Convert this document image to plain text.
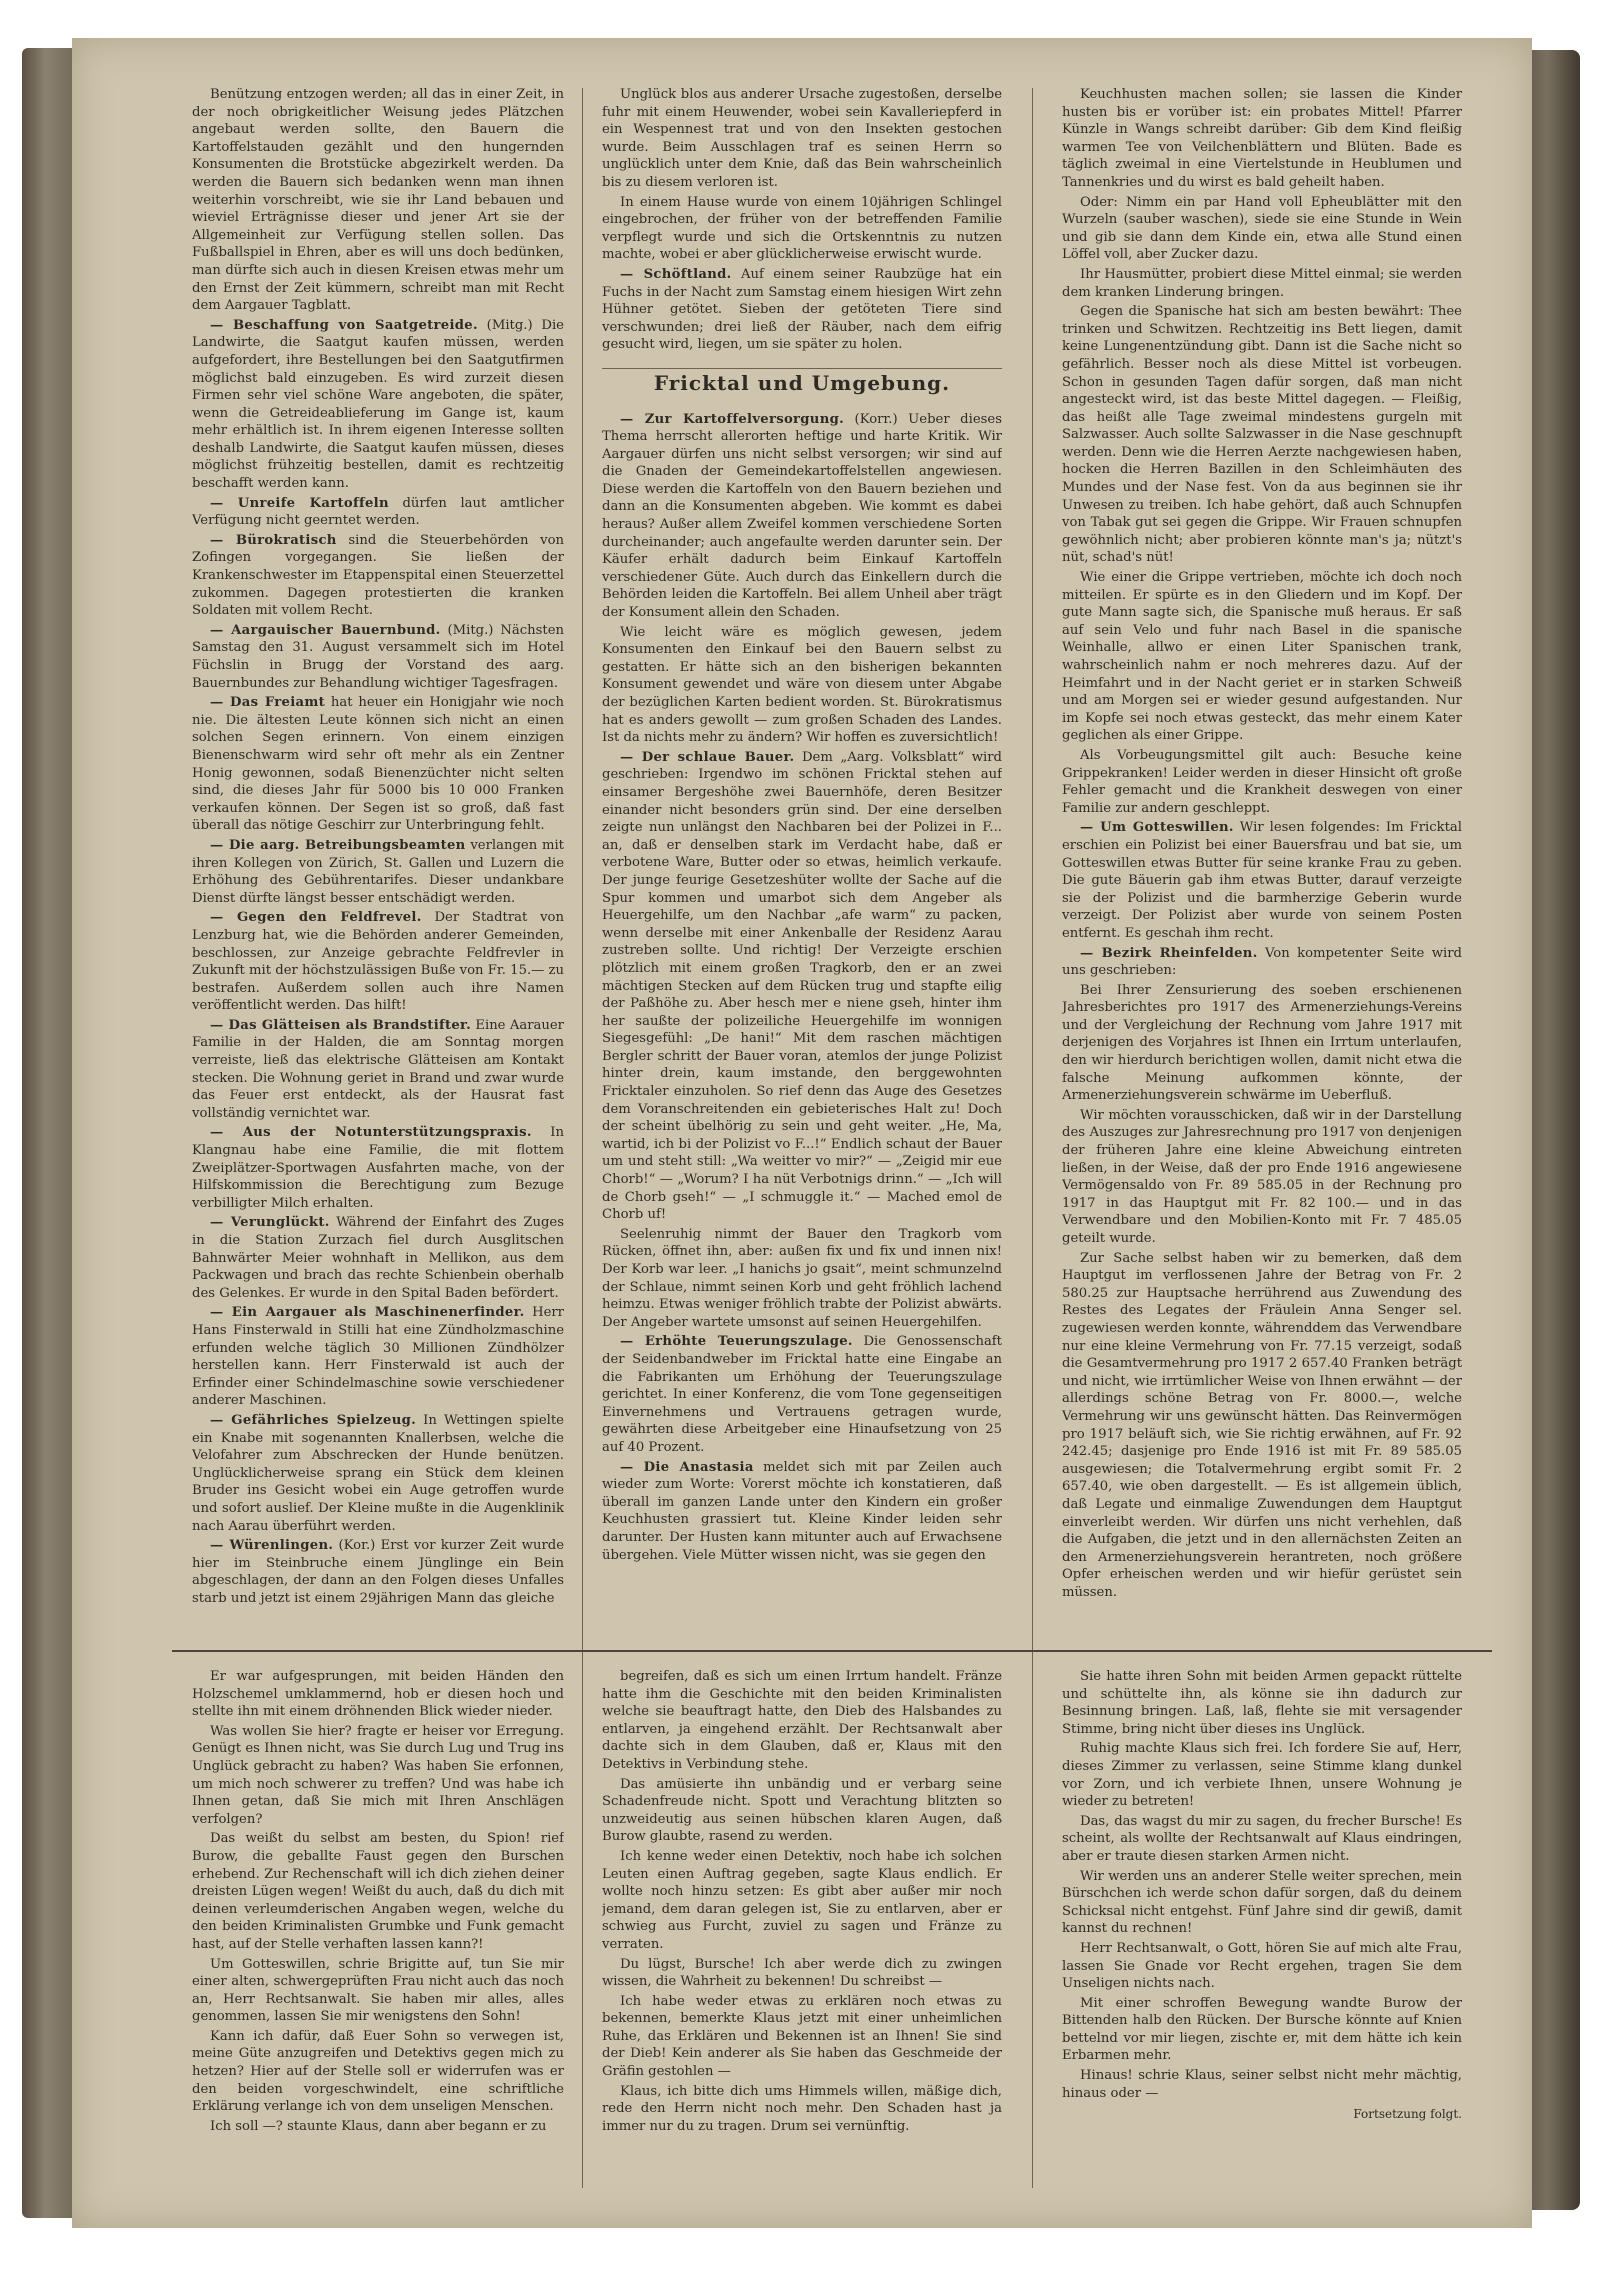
Benützung entzogen werden; all das in einer Zeit, in der noch obrigkeitlicher Weisung jedes Plätzchen angebaut werden sollte, den Bauern die Kartoffelstauden gezählt und den hungernden Konsumenten die Brotstücke abgezirkelt werden. Da werden die Bauern sich bedanken wenn man ihnen weiterhin vorschreibt, wie sie ihr Land bebauen und wieviel Erträgnisse dieser und jener Art sie der Allgemeinheit zur Verfügung stellen sollen. Das Fußballspiel in Ehren, aber es will uns doch bedünken, man dürfte sich auch in diesen Kreisen etwas mehr um den Ernst der Zeit kümmern, schreibt man mit Recht dem Aargauer Tagblatt.

— Beschaffung von Saatgetreide. (Mitg.) Die Landwirte, die Saatgut kaufen müssen, werden aufgefordert, ihre Bestellungen bei den Saatgutfirmen möglichst bald einzugeben. Es wird zurzeit diesen Firmen sehr viel schöne Ware angeboten, die später, wenn die Getreideablieferung im Gange ist, kaum mehr erhältlich ist. In ihrem eigenen Interesse sollten deshalb Landwirte, die Saatgut kaufen müssen, dieses möglichst frühzeitig bestellen, damit es rechtzeitig beschafft werden kann.

— Unreife Kartoffeln dürfen laut amtlicher Verfügung nicht geerntet werden.

— Bürokratisch sind die Steuerbehörden von Zofingen vorgegangen. Sie ließen der Krankenschwester im Etappenspital einen Steuerzettel zukommen. Dagegen protestierten die kranken Soldaten mit vollem Recht.

— Aargauischer Bauernbund. (Mitg.) Nächsten Samstag den 31. August versammelt sich im Hotel Füchslin in Brugg der Vorstand des aarg. Bauernbundes zur Behandlung wichtiger Tagesfragen.

— Das Freiamt hat heuer ein Honigjahr wie noch nie. Die ältesten Leute können sich nicht an einen solchen Segen erinnern. Von einem einzigen Bienenschwarm wird sehr oft mehr als ein Zentner Honig gewonnen, sodaß Bienenzüchter nicht selten sind, die dieses Jahr für 5000 bis 10 000 Franken verkaufen können. Der Segen ist so groß, daß fast überall das nötige Geschirr zur Unterbringung fehlt.

— Die aarg. Betreibungsbeamten verlangen mit ihren Kollegen von Zürich, St. Gallen und Luzern die Erhöhung des Gebührentarifes. Dieser undankbare Dienst dürfte längst besser entschädigt werden.

— Gegen den Feldfrevel. Der Stadtrat von Lenzburg hat, wie die Behörden anderer Gemeinden, beschlossen, zur Anzeige gebrachte Feldfrevler in Zukunft mit der höchstzulässigen Buße von Fr. 15.— zu bestrafen. Außerdem sollen auch ihre Namen veröffentlicht werden. Das hilft!

— Das Glätteisen als Brandstifter. Eine Aarauer Familie in der Halden, die am Sonntag morgen verreiste, ließ das elektrische Glätteisen am Kontakt stecken. Die Wohnung geriet in Brand und zwar wurde das Feuer erst entdeckt, als der Hausrat fast vollständig vernichtet war.

— Aus der Notunterstützungspraxis. In Klangnau habe eine Familie, die mit flottem Zweiplätzer-Sportwagen Ausfahrten mache, von der Hilfskommission die Berechtigung zum Bezuge verbilligter Milch erhalten.

— Verunglückt. Während der Einfahrt des Zuges in die Station Zurzach fiel durch Ausglitschen Bahnwärter Meier wohnhaft in Mellikon, aus dem Packwagen und brach das rechte Schienbein oberhalb des Gelenkes. Er wurde in den Spital Baden befördert.

— Ein Aargauer als Maschinenerfinder. Herr Hans Finsterwald in Stilli hat eine Zündholzmaschine erfunden welche täglich 30 Millionen Zündhölzer herstellen kann. Herr Finsterwald ist auch der Erfinder einer Schindelmaschine sowie verschiedener anderer Maschinen.

— Gefährliches Spielzeug. In Wettingen spielte ein Knabe mit sogenannten Knallerbsen, welche die Velofahrer zum Abschrecken der Hunde benützen. Unglücklicherweise sprang ein Stück dem kleinen Bruder ins Gesicht wobei ein Auge getroffen wurde und sofort auslief. Der Kleine mußte in die Augenklinik nach Aarau überführt werden.

— Würenlingen. (Kor.) Erst vor kurzer Zeit wurde hier im Steinbruche einem Jünglinge ein Bein abgeschlagen, der dann an den Folgen dieses Unfalles starb und jetzt ist einem 29jährigen Mann das gleiche

Unglück blos aus anderer Ursache zugestoßen, derselbe fuhr mit einem Heuwender, wobei sein Kavalleriepferd in ein Wespennest trat und von den Insekten gestochen wurde. Beim Ausschlagen traf es seinen Herrn so unglücklich unter dem Knie, daß das Bein wahrscheinlich bis zu diesem verloren ist.

In einem Hause wurde von einem 10jährigen Schlingel eingebrochen, der früher von der betreffenden Familie verpflegt wurde und sich die Ortskenntnis zu nutzen machte, wobei er aber glücklicherweise erwischt wurde.

— Schöftland. Auf einem seiner Raubzüge hat ein Fuchs in der Nacht zum Samstag einem hiesigen Wirt zehn Hühner getötet. Sieben der getöteten Tiere sind verschwunden; drei ließ der Räuber, nach dem eifrig gesucht wird, liegen, um sie später zu holen.

Fricktal und Umgebung.

— Zur Kartoffelversorgung. (Korr.) Ueber dieses Thema herrscht allerorten heftige und harte Kritik. Wir Aargauer dürfen uns nicht selbst versorgen; wir sind auf die Gnaden der Gemeindekartoffelstellen angewiesen. Diese werden die Kartoffeln von den Bauern beziehen und dann an die Konsumenten abgeben. Wie kommt es dabei heraus? Außer allem Zweifel kommen verschiedene Sorten durcheinander; auch angefaulte werden darunter sein. Der Käufer erhält dadurch beim Einkauf Kartoffeln verschiedener Güte. Auch durch das Einkellern durch die Behörden leiden die Kartoffeln. Bei allem Unheil aber trägt der Konsument allein den Schaden.

Wie leicht wäre es möglich gewesen, jedem Konsumenten den Einkauf bei den Bauern selbst zu gestatten. Er hätte sich an den bisherigen bekannten Konsument gewendet und wäre von diesem unter Abgabe der bezüglichen Karten bedient worden. St. Bürokratismus hat es anders gewollt — zum großen Schaden des Landes. Ist da nichts mehr zu ändern? Wir hoffen es zuversichtlich!

— Der schlaue Bauer. Dem „Aarg. Volksblatt“ wird geschrieben: Irgendwo im schönen Fricktal stehen auf einsamer Bergeshöhe zwei Bauernhöfe, deren Besitzer einander nicht besonders grün sind. Der eine derselben zeigte nun unlängst den Nachbaren bei der Polizei in F... an, daß er denselben stark im Verdacht habe, daß er verbotene Ware, Butter oder so etwas, heimlich verkaufe. Der junge feurige Gesetzeshüter wollte der Sache auf die Spur kommen und umarbot sich dem Angeber als Heuergehilfe, um den Nachbar „afe warm“ zu packen, wenn derselbe mit einer Ankenballe der Residenz Aarau zustreben sollte. Und richtig! Der Verzeigte erschien plötzlich mit einem großen Tragkorb, den er an zwei mächtigen Stecken auf dem Rücken trug und stapfte eilig der Paßhöhe zu. Aber hesch mer e niene gseh, hinter ihm her saußte der polizeiliche Heuergehilfe im wonnigen Siegesgefühl: „De hani!“ Mit dem raschen mächtigen Bergler schritt der Bauer voran, atemlos der junge Polizist hinter drein, kaum imstande, den berggewohnten Fricktaler einzuholen. So rief denn das Auge des Gesetzes dem Voranschreitenden ein gebieterisches Halt zu! Doch der scheint übelhörig zu sein und geht weiter. „He, Ma, wartid, ich bi der Polizist vo F...!“ Endlich schaut der Bauer um und steht still: „Wa weitter vo mir?“ — „Zeigid mir eue Chorb!“ — „Worum? I ha nüt Verbotnigs drinn.“ — „Ich will de Chorb gseh!“ — „I schmuggle it.“ — Mached emol de Chorb uf!

Seelenruhig nimmt der Bauer den Tragkorb vom Rücken, öffnet ihn, aber: außen fix und fix und innen nix! Der Korb war leer. „I hanichs jo gsait“, meint schmunzelnd der Schlaue, nimmt seinen Korb und geht fröhlich lachend heimzu. Etwas weniger fröhlich trabte der Polizist abwärts. Der Angeber wartete umsonst auf seinen Heuergehilfen.

— Erhöhte Teuerungszulage. Die Genossenschaft der Seidenbandweber im Fricktal hatte eine Eingabe an die Fabrikanten um Erhöhung der Teuerungszulage gerichtet. In einer Konferenz, die vom Tone gegenseitigen Einvernehmens und Vertrauens getragen wurde, gewährten diese Arbeitgeber eine Hinaufsetzung von 25 auf 40 Prozent.

— Die Anastasia meldet sich mit par Zeilen auch wieder zum Worte: Vorerst möchte ich konstatieren, daß überall im ganzen Lande unter den Kindern ein großer Keuchhusten grassiert tut. Kleine Kinder leiden sehr darunter. Der Husten kann mitunter auch auf Erwachsene übergehen. Viele Mütter wissen nicht, was sie gegen den

Keuchhusten machen sollen; sie lassen die Kinder husten bis er vorüber ist: ein probates Mittel! Pfarrer Künzle in Wangs schreibt darüber: Gib dem Kind fleißig warmen Tee von Veilchenblättern und Blüten. Bade es täglich zweimal in eine Viertelstunde in Heublumen und Tannenkries und du wirst es bald geheilt haben.

Oder: Nimm ein par Hand voll Epheublätter mit den Wurzeln (sauber waschen), siede sie eine Stunde in Wein und gib sie dann dem Kinde ein, etwa alle Stund einen Löffel voll, aber Zucker dazu.

Ihr Hausmütter, probiert diese Mittel einmal; sie werden dem kranken Linderung bringen.

Gegen die Spanische hat sich am besten bewährt: Thee trinken und Schwitzen. Rechtzeitig ins Bett liegen, damit keine Lungenentzündung gibt. Dann ist die Sache nicht so gefährlich. Besser noch als diese Mittel ist vorbeugen. Schon in gesunden Tagen dafür sorgen, daß man nicht angesteckt wird, ist das beste Mittel dagegen. — Fleißig, das heißt alle Tage zweimal mindestens gurgeln mit Salzwasser. Auch sollte Salzwasser in die Nase geschnupft werden. Denn wie die Herren Aerzte nachgewiesen haben, hocken die Herren Bazillen in den Schleimhäuten des Mundes und der Nase fest. Von da aus beginnen sie ihr Unwesen zu treiben. Ich habe gehört, daß auch Schnupfen von Tabak gut sei gegen die Grippe. Wir Frauen schnupfen gewöhnlich nicht; aber probieren könnte man's ja; nützt's nüt, schad's nüt!

Wie einer die Grippe vertrieben, möchte ich doch noch mitteilen. Er spürte es in den Gliedern und im Kopf. Der gute Mann sagte sich, die Spanische muß heraus. Er saß auf sein Velo und fuhr nach Basel in die spanische Weinhalle, allwo er einen Liter Spanischen trank, wahrscheinlich nahm er noch mehreres dazu. Auf der Heimfahrt und in der Nacht geriet er in starken Schweiß und am Morgen sei er wieder gesund aufgestanden. Nur im Kopfe sei noch etwas gesteckt, das mehr einem Kater geglichen als einer Grippe.

Als Vorbeugungsmittel gilt auch: Besuche keine Grippekranken! Leider werden in dieser Hinsicht oft große Fehler gemacht und die Krankheit deswegen von einer Familie zur andern geschleppt.

— Um Gotteswillen. Wir lesen folgendes: Im Fricktal erschien ein Polizist bei einer Bauersfrau und bat sie, um Gotteswillen etwas Butter für seine kranke Frau zu geben. Die gute Bäuerin gab ihm etwas Butter, darauf verzeigte sie der Polizist und die barmherzige Geberin wurde verzeigt. Der Polizist aber wurde von seinem Posten entfernt. Es geschah ihm recht.

— Bezirk Rheinfelden. Von kompetenter Seite wird uns geschrieben:

Bei Ihrer Zensurierung des soeben erschienenen Jahresberichtes pro 1917 des Armenerziehungs-Vereins und der Vergleichung der Rechnung vom Jahre 1917 mit derjenigen des Vorjahres ist Ihnen ein Irrtum unterlaufen, den wir hierdurch berichtigen wollen, damit nicht etwa die falsche Meinung aufkommen könnte, der Armenerziehungsverein schwärme im Ueberfluß.

Wir möchten vorausschicken, daß wir in der Darstellung des Auszuges zur Jahresrechnung pro 1917 von denjenigen der früheren Jahre eine kleine Abweichung eintreten ließen, in der Weise, daß der pro Ende 1916 angewiesene Vermögensaldo von Fr. 89 585.05 in der Rechnung pro 1917 in das Hauptgut mit Fr. 82 100.— und in das Verwendbare und den Mobilien-Konto mit Fr. 7 485.05 geteilt wurde.

Zur Sache selbst haben wir zu bemerken, daß dem Hauptgut im verflossenen Jahre der Betrag von Fr. 2 580.25 zur Hauptsache herrührend aus Zuwendung des Restes des Legates der Fräulein Anna Senger sel. zugewiesen werden konnte, währenddem das Verwendbare nur eine kleine Vermehrung von Fr. 77.15 verzeigt, sodaß die Gesamtvermehrung pro 1917 2 657.40 Franken beträgt und nicht, wie irrtümlicher Weise von Ihnen erwähnt — der allerdings schöne Betrag von Fr. 8000.—, welche Vermehrung wir uns gewünscht hätten. Das Reinvermögen pro 1917 beläuft sich, wie Sie richtig erwähnen, auf Fr. 92 242.45; dasjenige pro Ende 1916 ist mit Fr. 89 585.05 ausgewiesen; die Totalvermehrung ergibt somit Fr. 2 657.40, wie oben dargestellt. — Es ist allgemein üblich, daß Legate und einmalige Zuwendungen dem Hauptgut einverleibt werden. Wir dürfen uns nicht verhehlen, daß die Aufgaben, die jetzt und in den allernächsten Zeiten an den Armenerziehungsverein herantreten, noch größere Opfer erheischen werden und wir hiefür gerüstet sein müssen.

Er war aufgesprungen, mit beiden Händen den Holzschemel umklammernd, hob er diesen hoch und stellte ihn mit einem dröhnenden Blick wieder nieder.

Was wollen Sie hier? fragte er heiser vor Erregung. Genügt es Ihnen nicht, was Sie durch Lug und Trug ins Unglück gebracht zu haben? Was haben Sie erfonnen, um mich noch schwerer zu treffen? Und was habe ich Ihnen getan, daß Sie mich mit Ihren Anschlägen verfolgen?

Das weißt du selbst am besten, du Spion! rief Burow, die geballte Faust gegen den Burschen erhebend. Zur Rechenschaft will ich dich ziehen deiner dreisten Lügen wegen! Weißt du auch, daß du dich mit deinen verleumderischen Angaben wegen, welche du den beiden Kriminalisten Grumbke und Funk gemacht hast, auf der Stelle verhaften lassen kann?!

Um Gotteswillen, schrie Brigitte auf, tun Sie mir einer alten, schwergeprüften Frau nicht auch das noch an, Herr Rechtsanwalt. Sie haben mir alles, alles genommen, lassen Sie mir wenigstens den Sohn!

Kann ich dafür, daß Euer Sohn so verwegen ist, meine Güte anzugreifen und Detektivs gegen mich zu hetzen? Hier auf der Stelle soll er widerrufen was er den beiden vorgeschwindelt, eine schriftliche Erklärung verlange ich von dem unseligen Menschen.

Ich soll —? staunte Klaus, dann aber begann er zu

begreifen, daß es sich um einen Irrtum handelt. Fränze hatte ihm die Geschichte mit den beiden Kriminalisten welche sie beauftragt hatte, den Dieb des Halsbandes zu entlarven, ja eingehend erzählt. Der Rechtsanwalt aber dachte sich in dem Glauben, daß er, Klaus mit den Detektivs in Verbindung stehe.

Das amüsierte ihn unbändig und er verbarg seine Schadenfreude nicht. Spott und Verachtung blitzten so unzweideutig aus seinen hübschen klaren Augen, daß Burow glaubte, rasend zu werden.

Ich kenne weder einen Detektiv, noch habe ich solchen Leuten einen Auftrag gegeben, sagte Klaus endlich. Er wollte noch hinzu setzen: Es gibt aber außer mir noch jemand, dem daran gelegen ist, Sie zu entlarven, aber er schwieg aus Furcht, zuviel zu sagen und Fränze zu verraten.

Du lügst, Bursche! Ich aber werde dich zu zwingen wissen, die Wahrheit zu bekennen! Du schreibst —

Ich habe weder etwas zu erklären noch etwas zu bekennen, bemerkte Klaus jetzt mit einer unheimlichen Ruhe, das Erklären und Bekennen ist an Ihnen! Sie sind der Dieb! Kein anderer als Sie haben das Geschmeide der Gräfin gestohlen —

Klaus, ich bitte dich ums Himmels willen, mäßige dich, rede den Herrn nicht noch mehr. Den Schaden hast ja immer nur du zu tragen. Drum sei vernünftig.

Sie hatte ihren Sohn mit beiden Armen gepackt rüttelte und schüttelte ihn, als könne sie ihn dadurch zur Besinnung bringen. Laß, laß, flehte sie mit versagender Stimme, bring nicht über dieses ins Unglück.

Ruhig machte Klaus sich frei. Ich fordere Sie auf, Herr, dieses Zimmer zu verlassen, seine Stimme klang dunkel vor Zorn, und ich verbiete Ihnen, unsere Wohnung je wieder zu betreten!

Das, das wagst du mir zu sagen, du frecher Bursche! Es scheint, als wollte der Rechtsanwalt auf Klaus eindringen, aber er traute diesen starken Armen nicht.

Wir werden uns an anderer Stelle weiter sprechen, mein Bürschchen ich werde schon dafür sorgen, daß du deinem Schicksal nicht entgehst. Fünf Jahre sind dir gewiß, damit kannst du rechnen!

Herr Rechtsanwalt, o Gott, hören Sie auf mich alte Frau, lassen Sie Gnade vor Recht ergehen, tragen Sie dem Unseligen nichts nach.

Mit einer schroffen Bewegung wandte Burow der Bittenden halb den Rücken. Der Bursche könnte auf Knien bettelnd vor mir liegen, zischte er, mit dem hätte ich kein Erbarmen mehr.

Hinaus! schrie Klaus, seiner selbst nicht mehr mächtig, hinaus oder —

Fortsetzung folgt.
